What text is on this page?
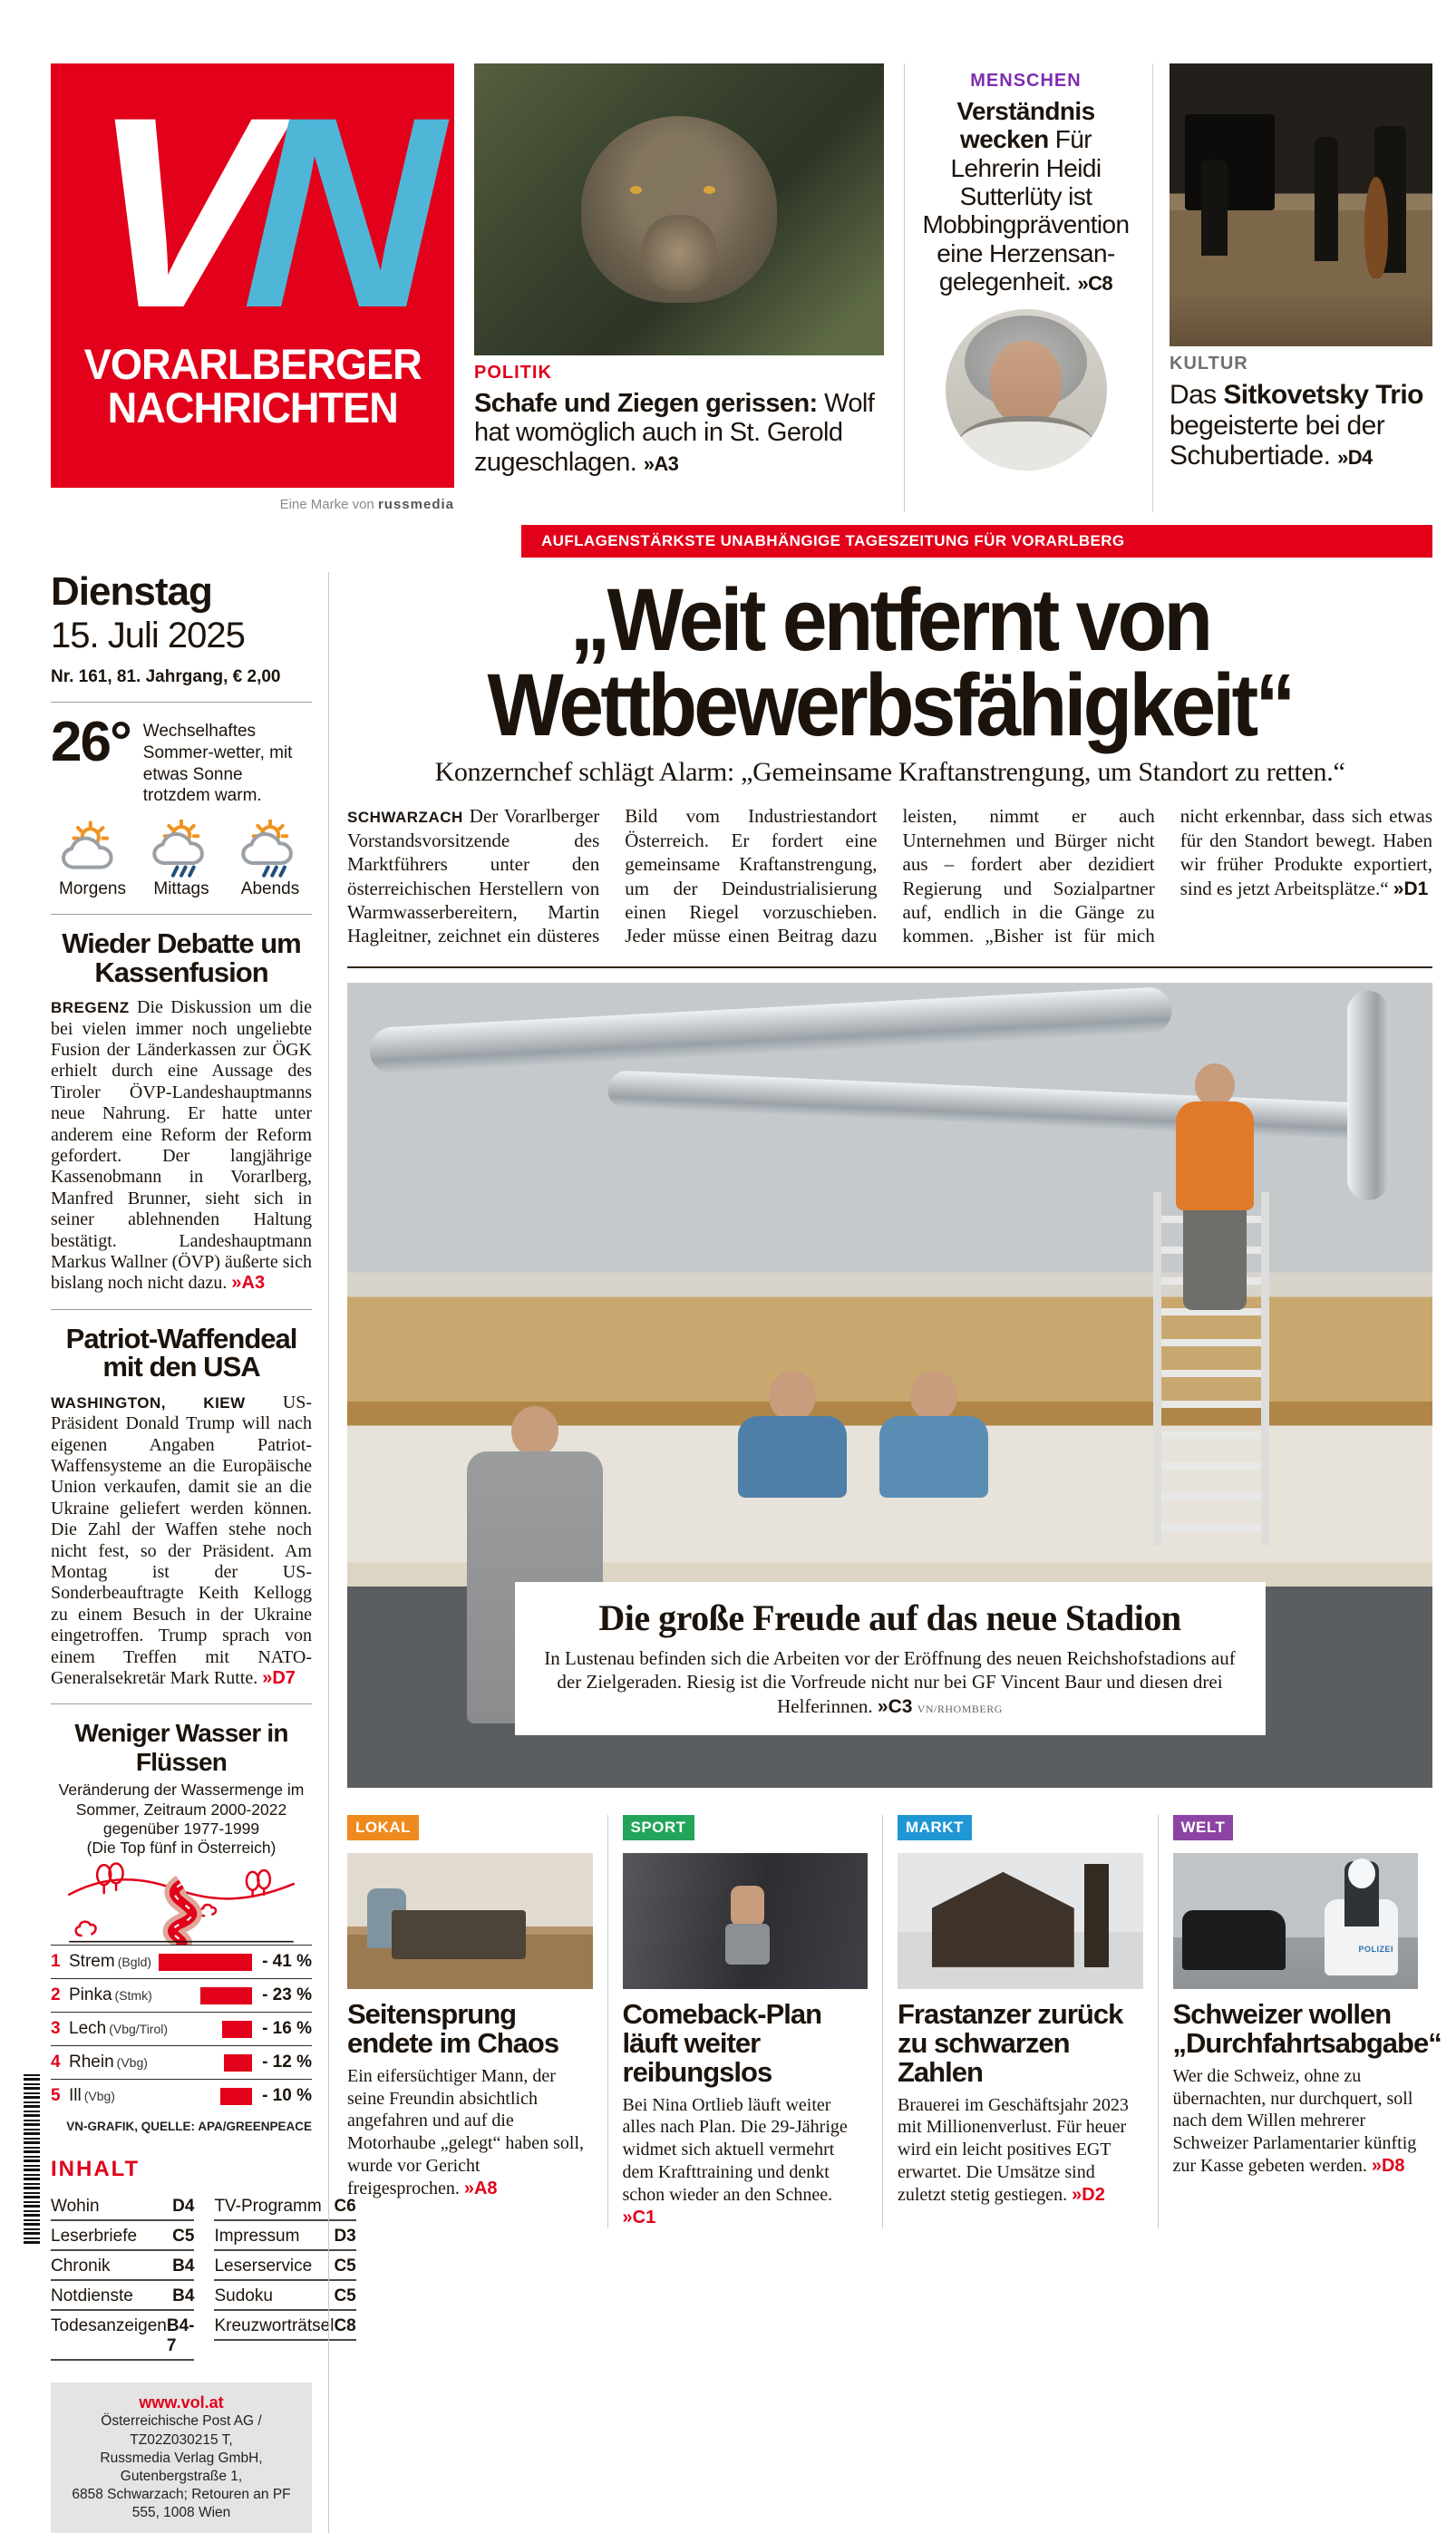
V
N
VORARLBERGER
NACHRICHTEN
Eine Marke von russmedia
POLITIK
Schafe und Ziegen gerissen: Wolf hat womöglich auch in St. Gerold zugeschlagen. »A3
MENSCHEN
Verständnis wecken Für Lehrerin Heidi Sutterlüty ist Mobbingprävention eine Herzensan-gelegenheit. »C8
KULTUR
Das Sitkovetsky Trio begeisterte bei der Schubertiade. »D4
AUFLAGENSTÄRKSTE UNABHÄNGIGE TAGESZEITUNG FÜR VORARLBERG
Dienstag
15. Juli 2025
Nr. 161, 81. Jahrgang, € 2,00
26° Wechselhaftes Sommer-wetter, mit etwas Sonne trotzdem warm.
Morgens	Mittags	Abends
Wieder Debatte um Kassenfusion
BREGENZ Die Diskussion um die bei vielen immer noch ungeliebte Fusion der Länderkassen zur ÖGK erhielt durch eine Aussage des Tiroler ÖVP-Landeshauptmanns neue Nahrung. Er hatte unter anderem eine Reform der Reform gefordert. Der langjährige Kassenobmann in Vorarlberg, Manfred Brunner, sieht sich in seiner ablehnenden Haltung bestätigt. Landeshauptmann Markus Wallner (ÖVP) äußerte sich bislang noch nicht dazu. »A3
Patriot-Waffendeal mit den USA
WASHINGTON, KIEW US-Präsident Donald Trump will nach eigenen Angaben Patriot-Waffensysteme an die Europäische Union verkaufen, damit sie an die Ukraine geliefert werden können. Die Zahl der Waffen stehe noch nicht fest, so der Präsident. Am Montag ist der US-Sonderbeauftragte Keith Kellogg zu einem Besuch in der Ukraine eingetroffen. Trump sprach von einem Treffen mit NATO-Generalsekretär Mark Rutte. »D7
Weniger Wasser in Flüssen
Veränderung der Wassermenge im Sommer, Zeitraum 2000-2022 gegenüber 1977-1999
(Die Top fünf in Österreich)
1 Strem (Bgld)	- 41 %
2 Pinka (Stmk)	- 23 %
3 Lech (Vbg/Tirol)	- 16 %
4 Rhein (Vbg)	- 12 %
5 Ill (Vbg)	- 10 %
VN-GRAFIK, QUELLE: APA/GREENPEACE
INHALT
Wohin	D4
Leserbriefe C5
Chronik	B4
Notdienste B4
Todesanzeigen B4-7
TV-Programm C6
Impressum D3
Leserservice C5
Sudoku	C5
Kreuzworträtsel C8
www.vol.at
Österreichische Post AG / TZ02Z030215 T,
Russmedia Verlag GmbH, Gutenbergstraße 1,
6858 Schwarzach; Retouren an PF 555, 1008 Wien
„Weit entfernt von
Wettbewerbsfähigkeit“
Konzernchef schlägt Alarm: „Gemeinsame Kraftanstrengung, um Standort zu retten.“
SCHWARZACH Der Vorarlberger Vorstandsvorsitzende des Marktführers unter den österreichischen Herstellern von Warmwasserbereitern, Martin Hagleitner, zeichnet ein düsteres Bild vom Industriestandort Österreich. Er fordert eine gemeinsame Kraftanstrengung, um der Deindustrialisierung einen Riegel vorzuschieben. Jeder müsse einen Beitrag dazu leisten, nimmt er auch Unternehmen und Bürger nicht aus – fordert aber dezidiert Regierung und Sozialpartner auf, endlich in die Gänge zu kommen. „Bisher ist für mich nicht erkennbar, dass sich etwas für den Standort bewegt. Haben wir früher Produkte exportiert, sind es jetzt Arbeitsplätze.“ »D1
Die große Freude auf das neue Stadion
In Lustenau befinden sich die Arbeiten vor der Eröffnung des neuen Reichshofstadions auf der Zielgeraden. Riesig ist die Vorfreude nicht nur bei GF Vincent Baur und diesen drei Helferinnen. »C3 VN/RHOMBERG
LOKAL
Seitensprung endete im Chaos
Ein eifersüchtiger Mann, der seine Freundin absichtlich angefahren und auf die Motorhaube „gelegt“ haben soll, wurde vor Gericht freigesprochen. »A8
SPORT
Comeback-Plan läuft weiter reibungslos
Bei Nina Ortlieb läuft weiter alles nach Plan. Die 29-Jährige widmet sich aktuell vermehrt dem Krafttraining und denkt schon wieder an den Schnee. »C1
MARKT
Frastanzer zurück zu schwarzen Zahlen
Brauerei im Geschäftsjahr 2023 mit Millionenverlust. Für heuer wird ein leicht positives EGT erwartet. Die Umsätze sind zuletzt stetig gestiegen. »D2
WELT
POLIZEI
Schweizer wollen „Durchfahrtsabgabe“
Wer die Schweiz, ohne zu übernachten, nur durchquert, soll nach dem Willen mehrerer Schweizer Parlamentarier künftig zur Kasse gebeten werden. »D8
